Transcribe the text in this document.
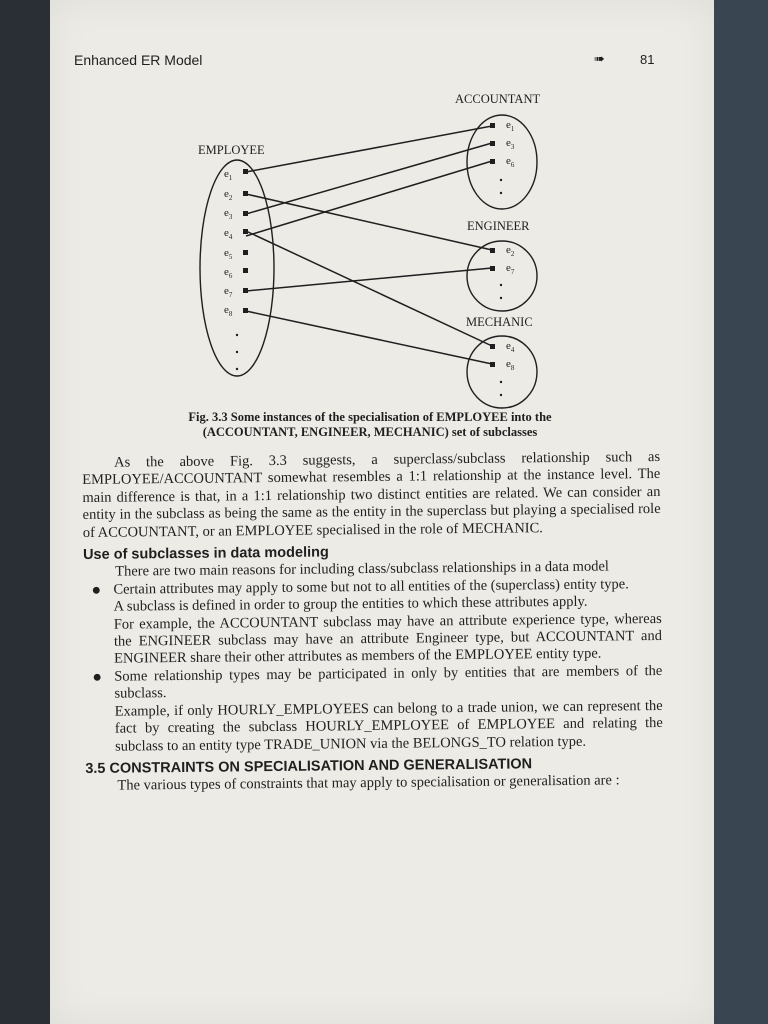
Enhanced ER Model	➠	81
EMPLOYEE
ACCOUNTANT
ENGINEER
MECHANIC
$e_1$
$e_2$
$e_3$
$e_4$
$e_5$
$e_6$
$e_7$
$e_8$
$e_1$
$e_3$
$e_6$
$e_2$
$e_7$
$e_4$
$e_8$
Fig. 3.3 Some instances of the specialisation of EMPLOYEE into the
(ACCOUNTANT, ENGINEER, MECHANIC) set of subclasses

As the above Fig. 3.3 suggests, a superclass/subclass relationship such as EMPLOYEE/ACCOUNTANT somewhat resembles a 1:1 relationship at the instance level. The main difference is that, in a 1:1 relationship two distinct entities are related. We can consider an entity in the subclass as being the same as the entity in the superclass but playing a specialised role of ACCOUNTANT, or an EMPLOYEE specialised in the role of MECHANIC.

Use of subclasses in data modeling

There are two main reasons for including class/subclass relationships in a data model

● Certain attributes may apply to some but not to all entities of the (superclass) entity type.

A subclass is defined in order to group the entities to which these attributes apply.

For example, the ACCOUNTANT subclass may have an attribute experience type, whereas the ENGINEER subclass may have an attribute Engineer type, but ACCOUNTANT and ENGINEER share their other attributes as members of the EMPLOYEE entity type.

● Some relationship types may be participated in only by entities that are members of the subclass.

Example, if only HOURLY_EMPLOYEES can belong to a trade union, we can represent the fact by creating the subclass HOURLY_EMPLOYEE of EMPLOYEE and relating the subclass to an entity type TRADE_UNION via the BELONGS_TO relation type.

3.5 CONSTRAINTS ON SPECIALISATION AND GENERALISATION

The various types of constraints that may apply to specialisation or generalisation are :
